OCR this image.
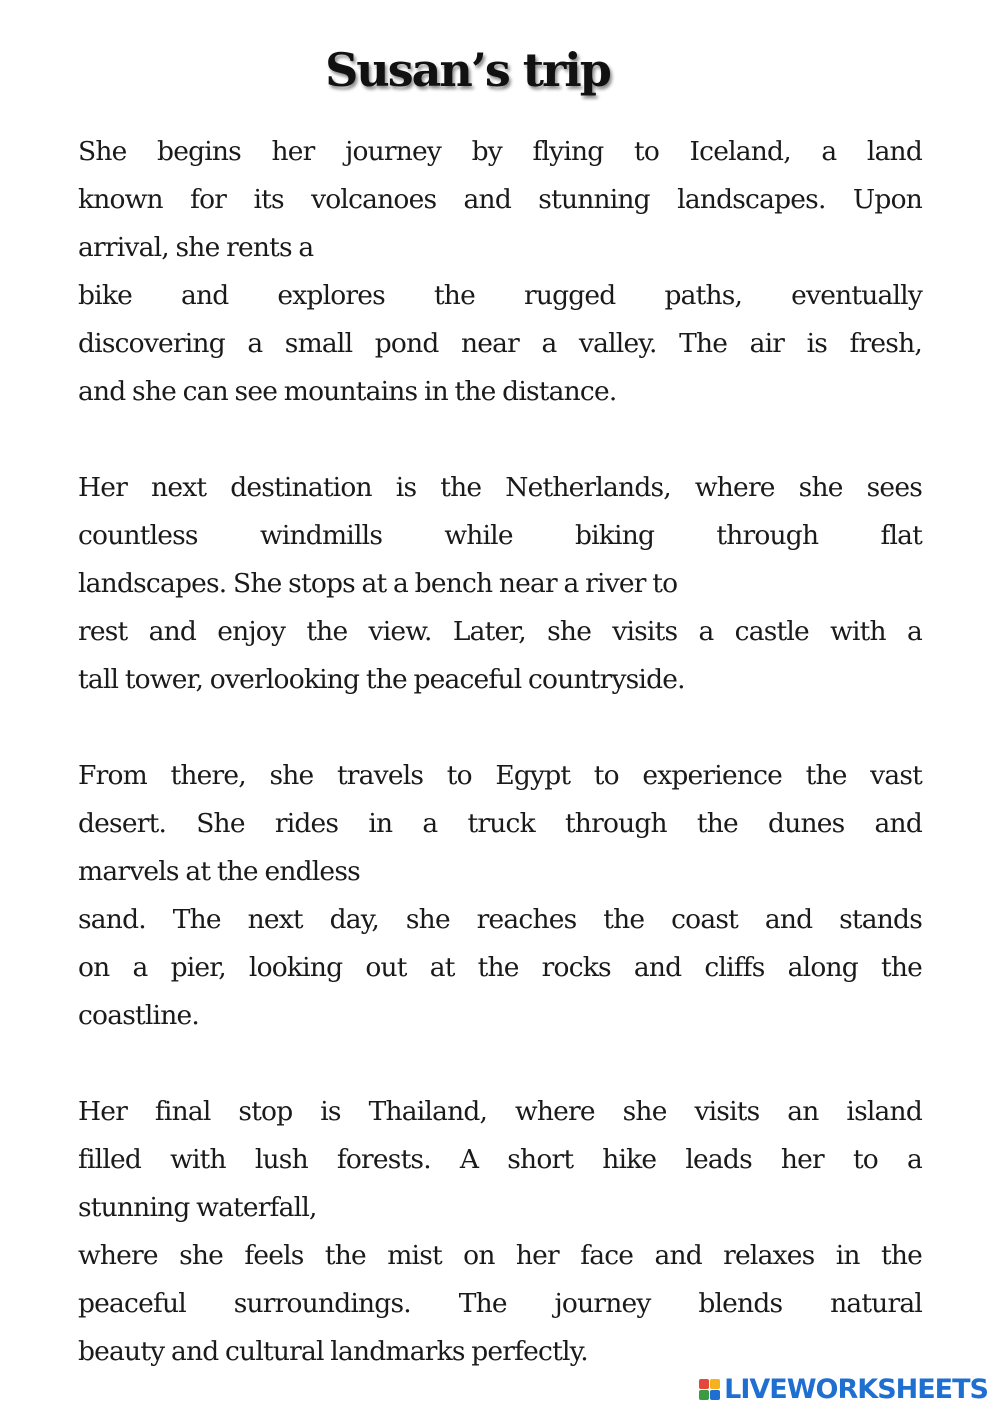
Susan’s trip
She begins her journey by flying to Iceland, a land
known for its volcanoes and stunning landscapes. Upon
arrival, she rents a
bike and explores the rugged paths, eventually
discovering a small pond near a valley. The air is fresh,
and she can see mountains in the distance.
Her next destination is the Netherlands, where she sees
countless windmills while biking through flat
landscapes. She stops at a bench near a river to
rest and enjoy the view. Later, she visits a castle with a
tall tower, overlooking the peaceful countryside.
From there, she travels to Egypt to experience the vast
desert. She rides in a truck through the dunes and
marvels at the endless
sand. The next day, she reaches the coast and stands
on a pier, looking out at the rocks and cliffs along the
coastline.
Her final stop is Thailand, where she visits an island
filled with lush forests. A short hike leads her to a
stunning waterfall,
where she feels the mist on her face and relaxes in the
peaceful surroundings. The journey blends natural
beauty and cultural landmarks perfectly.
LIVEWORKSHEETS
